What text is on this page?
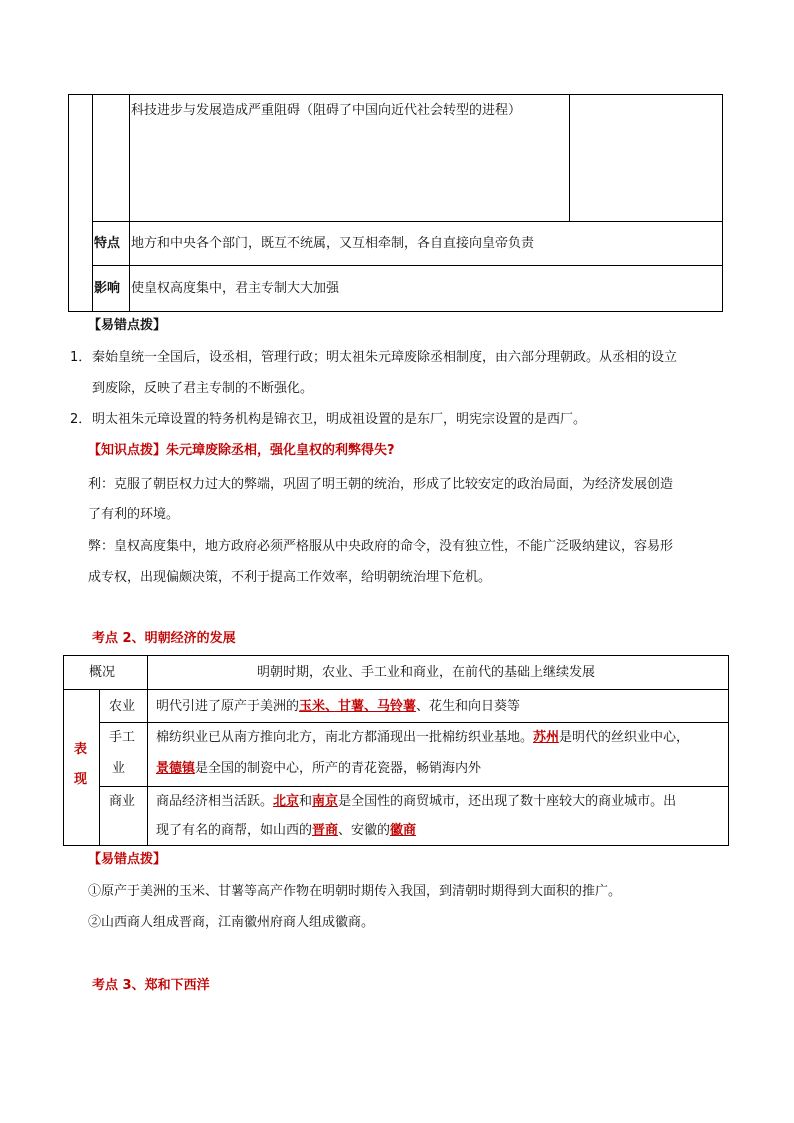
科技进步与发展造成严重阻碍（阻碍了中国向近代社会转型的进程）
特点 地方和中央各个部门，既互不统属，又互相牵制，各自直接向皇帝负责
影响 使皇权高度集中，君主专制大大加强
【易错点拨】
1． 秦始皇统一全国后，设丞相，管理行政；明太祖朱元璋废除丞相制度，由六部分理朝政。从丞相的设立
到废除，反映了君主专制的不断强化。
2． 明太祖朱元璋设置的特务机构是锦衣卫，明成祖设置的是东厂，明宪宗设置的是西厂。
【知识点拨】朱元璋废除丞相，强化皇权的利弊得失?
利：克服了朝臣权力过大的弊端，巩固了明王朝的统治，形成了比较安定的政治局面，为经济发展创造
了有利的环境。
弊：皇权高度集中，地方政府必须严格服从中央政府的命令，没有独立性，不能广泛吸纳建议，容易形
成专权，出现偏颇决策，不利于提高工作效率，给明朝统治埋下危机。
考点 2、明朝经济的发展
概况	明朝时期，农业、手工业和商业，在前代的基础上继续发展
表
现
农业 明代引进了原产于美洲的玉米、甘薯、马铃薯、花生和向日葵等
手工
业
棉纺织业已从南方推向北方，南北方都涌现出一批棉纺织业基地。苏州是明代的丝织业中心，
景德镇是全国的制瓷中心，所产的青花瓷器，畅销海内外
商业 商品经济相当活跃。北京和南京是全国性的商贸城市，还出现了数十座较大的商业城市。出
现了有名的商帮，如山西的晋商、安徽的徽商
【易错点拨】
①原产于美洲的玉米、甘薯等高产作物在明朝时期传入我国，到清朝时期得到大面积的推广。
②山西商人组成晋商，江南徽州府商人组成徽商。
考点 3、郑和下西洋
